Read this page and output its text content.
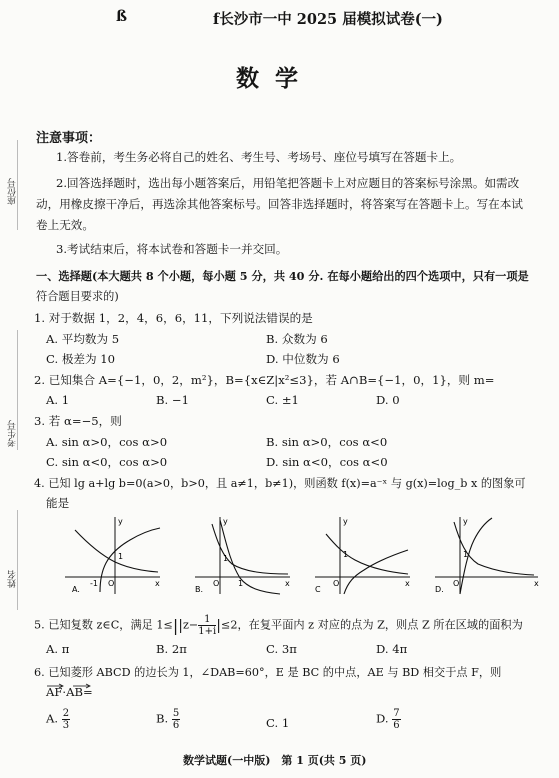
座位号
考生号
姓名
ß	f长沙市一中 2025 届模拟试卷(一)
数学
注意事项：
1.答卷前，考生务必将自己的姓名、考生号、考场号、座位号填写在答题卡上。
2.回答选择题时，选出每小题答案后，用铅笔把答题卡上对应题目的答案标号涂黑。如需改
动，用橡皮擦干净后，再选涂其他答案标号。回答非选择题时，将答案写在答题卡上。写在本试
卷上无效。
3.考试结束后，将本试卷和答题卡一并交回。
一、选择题(本大题共 8 个小题，每小题 5 分，共 40 分. 在每小题给出的四个选项中，只有一项是
符合题目要求的)
1. 对于数据 1，2，4，6，6，11，下列说法错误的是
A. 平均数为 5	B. 众数为 6
C. 极差为 10	D. 中位数为 6
2. 已知集合 A={−1，0，2，m²}，B={x∈Z|x²≤3}，若 A∩B={−1，0，1}，则 m=
A. 1	B. −1	C. ±1	D. 0
3. 若 α=−5，则
A. sin α>0，cos α>0	B. sin α>0，cos α<0
C. sin α<0，cos α>0	D. sin α<0，cos α<0
4. 已知 lg a+lg b=0(a>0，b>0，且 a≠1，b≠1)，则函数 f(x)=a⁻ˣ 与 g(x)=log_b x 的图象可
能是
y
x
O
1
-1
A.
y
x
O
1
1
B.
y
x
O
1
C
y
x
O
1
D.
5. 已知复数 z∈C，满足 $1\le||z- \frac{1}{1+i} |\le 2$，在复平面内 z 对应的点为 Z，则点 Z 所在区域的面积为
A. π	B. 2π	C. 3π	D. 4π
6. 已知菱形 ABCD 的边长为 1，∠DAB=60°，E 是 BC 的中点，AE 与 BD 相交于点 F，则
AF·AB=
A. $\frac{2}{3}$	B. $\frac{5}{6}$	C. 1	D. $\frac{7}{6}$
数学试题(一中版)　第 1 页(共 5 页)
